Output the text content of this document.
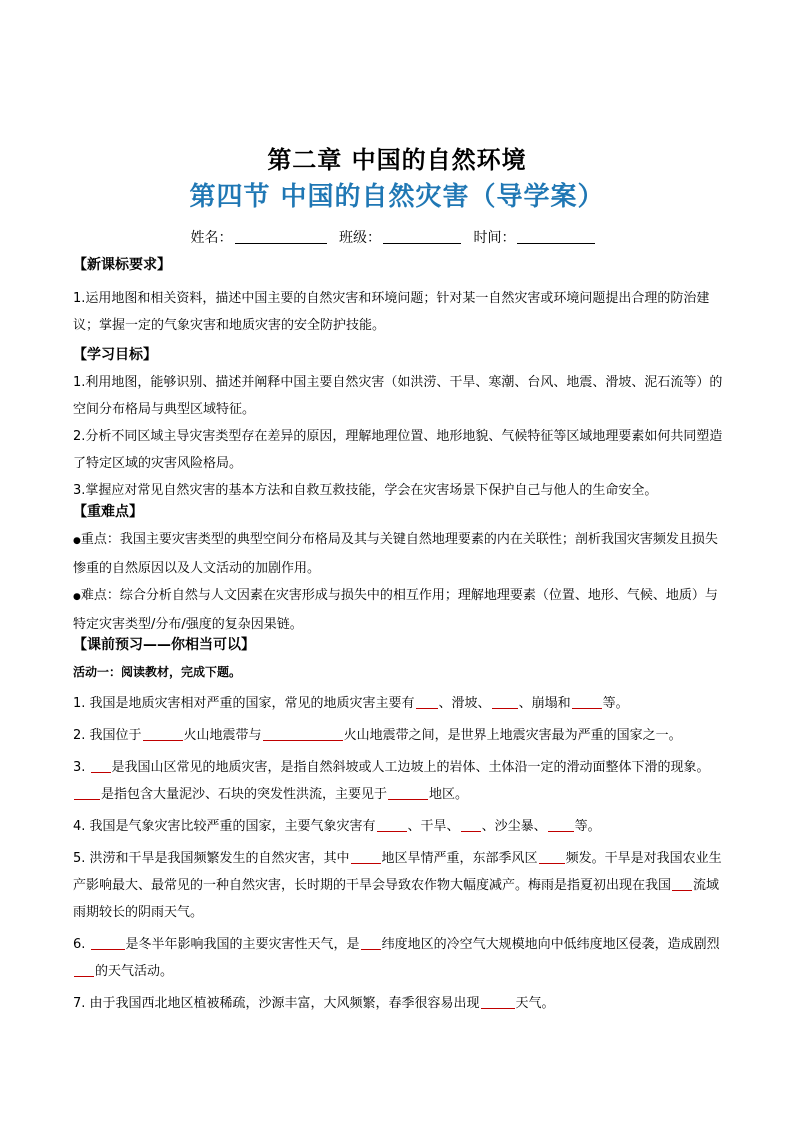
第二章 中国的自然环境
第四节 中国的自然灾害（导学案）
姓名：	班级：	时间：
【新课标要求】
1.运用地图和相关资料，描述中国主要的自然灾害和环境问题；针对某一自然灾害或环境问题提出合理的防治建议；掌握一定的气象灾害和地质灾害的安全防护技能。
【学习目标】
1.利用地图，能够识别、描述并阐释中国主要自然灾害（如洪涝、干旱、寒潮、台风、地震、滑坡、泥石流等）的空间分布格局与典型区域特征。
2.分析不同区域主导灾害类型存在差异的原因，理解地理位置、地形地貌、气候特征等区域地理要素如何共同塑造了特定区域的灾害风险格局。
3.掌握应对常见自然灾害的基本方法和自救互救技能，学会在灾害场景下保护自己与他人的生命安全。
【重难点】
●重点：我国主要灾害类型的典型空间分布格局及其与关键自然地理要素的内在关联性；剖析我国灾害频发且损失惨重的自然原因以及人文活动的加剧作用。
●难点：综合分析自然与人文因素在灾害形成与损失中的相互作用；理解地理要素（位置、地形、气候、地质）与特定灾害类型/分布/强度的复杂因果链。
【课前预习——你相当可以】
活动一：阅读教材，完成下题。
1. 我国是地质灾害相对严重的国家，常见的地质灾害主要有 、滑坡、 、崩塌和 等。
2. 我国位于	火山地震带与	火山地震带之间，是世界上地震灾害最为严重的国家之一。
3. 是我国山区常见的地质灾害，是指自然斜坡或人工边坡上的岩体、土体沿一定的滑动面整体下滑的现象。是指包含大量泥沙、石块的突发性洪流，主要见于	地区。
4. 我国是气象灾害比较严重的国家，主要气象灾害有 、干旱、 、沙尘暴、 等。
5. 洪涝和干旱是我国频繁发生的自然灾害，其中 地区旱情严重，东部季风区 频发。干旱是对我国农业生产影响最大、最常见的一种自然灾害，长时期的干旱会导致农作物大幅度减产。梅雨是指夏初出现在我国 流域雨期较长的阴雨天气。
6.	是冬半年影响我国的主要灾害性天气，是 纬度地区的冷空气大规模地向中低纬度地区侵袭，造成剧烈的天气活动。
7. 由于我国西北地区植被稀疏，沙源丰富，大风频繁，春季很容易出现	天气。
